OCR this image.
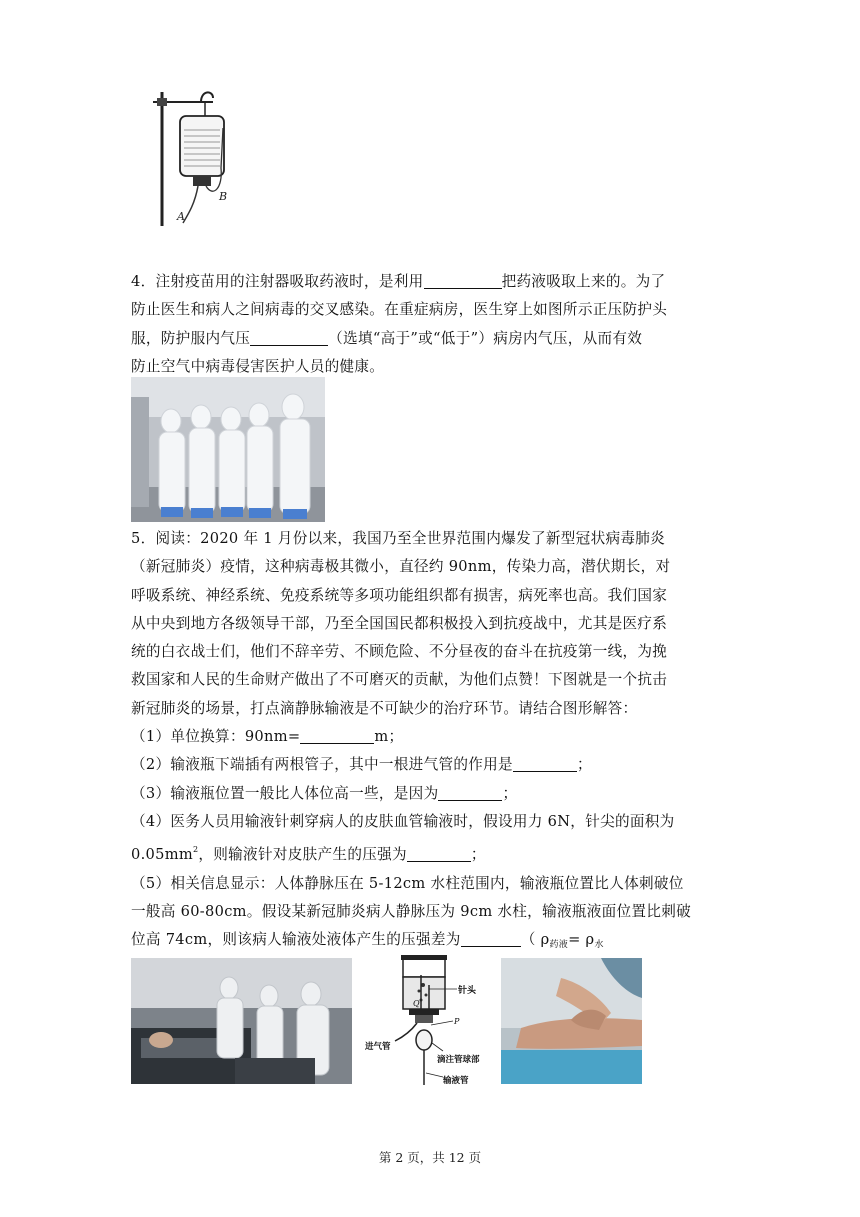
A
B
4．注射疫苗用的注射器吸取药液时，是利用	把药液吸取上来的。为了
防止医生和病人之间病毒的交叉感染。在重症病房，医生穿上如图所示正压防护头
服，防护服内气压	（选填“高于”或“低于”）病房内气压，从而有效
防止空气中病毒侵害医护人员的健康。
5．阅读：2020 年 1 月份以来，我国乃至全世界范围内爆发了新型冠状病毒肺炎
（新冠肺炎）疫情，这种病毒极其微小，直径约 90nm，传染力高，潜伏期长，对
呼吸系统、神经系统、免疫系统等多项功能组织都有损害，病死率也高。我们国家
从中央到地方各级领导干部，乃至全国国民都积极投入到抗疫战中，尤其是医疗系
统的白衣战士们，他们不辞辛劳、不顾危险、不分昼夜的奋斗在抗疫第一线，为挽
救国家和人民的生命财产做出了不可磨灭的贡献，为他们点赞！下图就是一个抗击
新冠肺炎的场景，打点滴静脉输液是不可缺少的治疗环节。请结合图形解答：
（1）单位换算：90nm=	m；
（2）输液瓶下端插有两根管子，其中一根进气管的作用是	；
（3）输液瓶位置一般比人体位高一些，是因为	；
（4）医务人员用输液针刺穿病人的皮肤血管输液时，假设用力 6N，针尖的面积为
$0.05mm^2$，则输液针对皮肤产生的压强为	；
（5）相关信息显示：人体静脉压在 5-12cm 水柱范围内，输液瓶位置比人体刺破位
一般高 60-80cm。假设某新冠肺炎病人静脉压为 9cm 水柱，输液瓶液面位置比刺破
位高 74cm，则该病人输液处液体产生的压强差为	（ $\rho_{药液}= \rho_水$
针头
Q
P
进气管
滴注管球部
输液管
第 2 页，共 12 页
